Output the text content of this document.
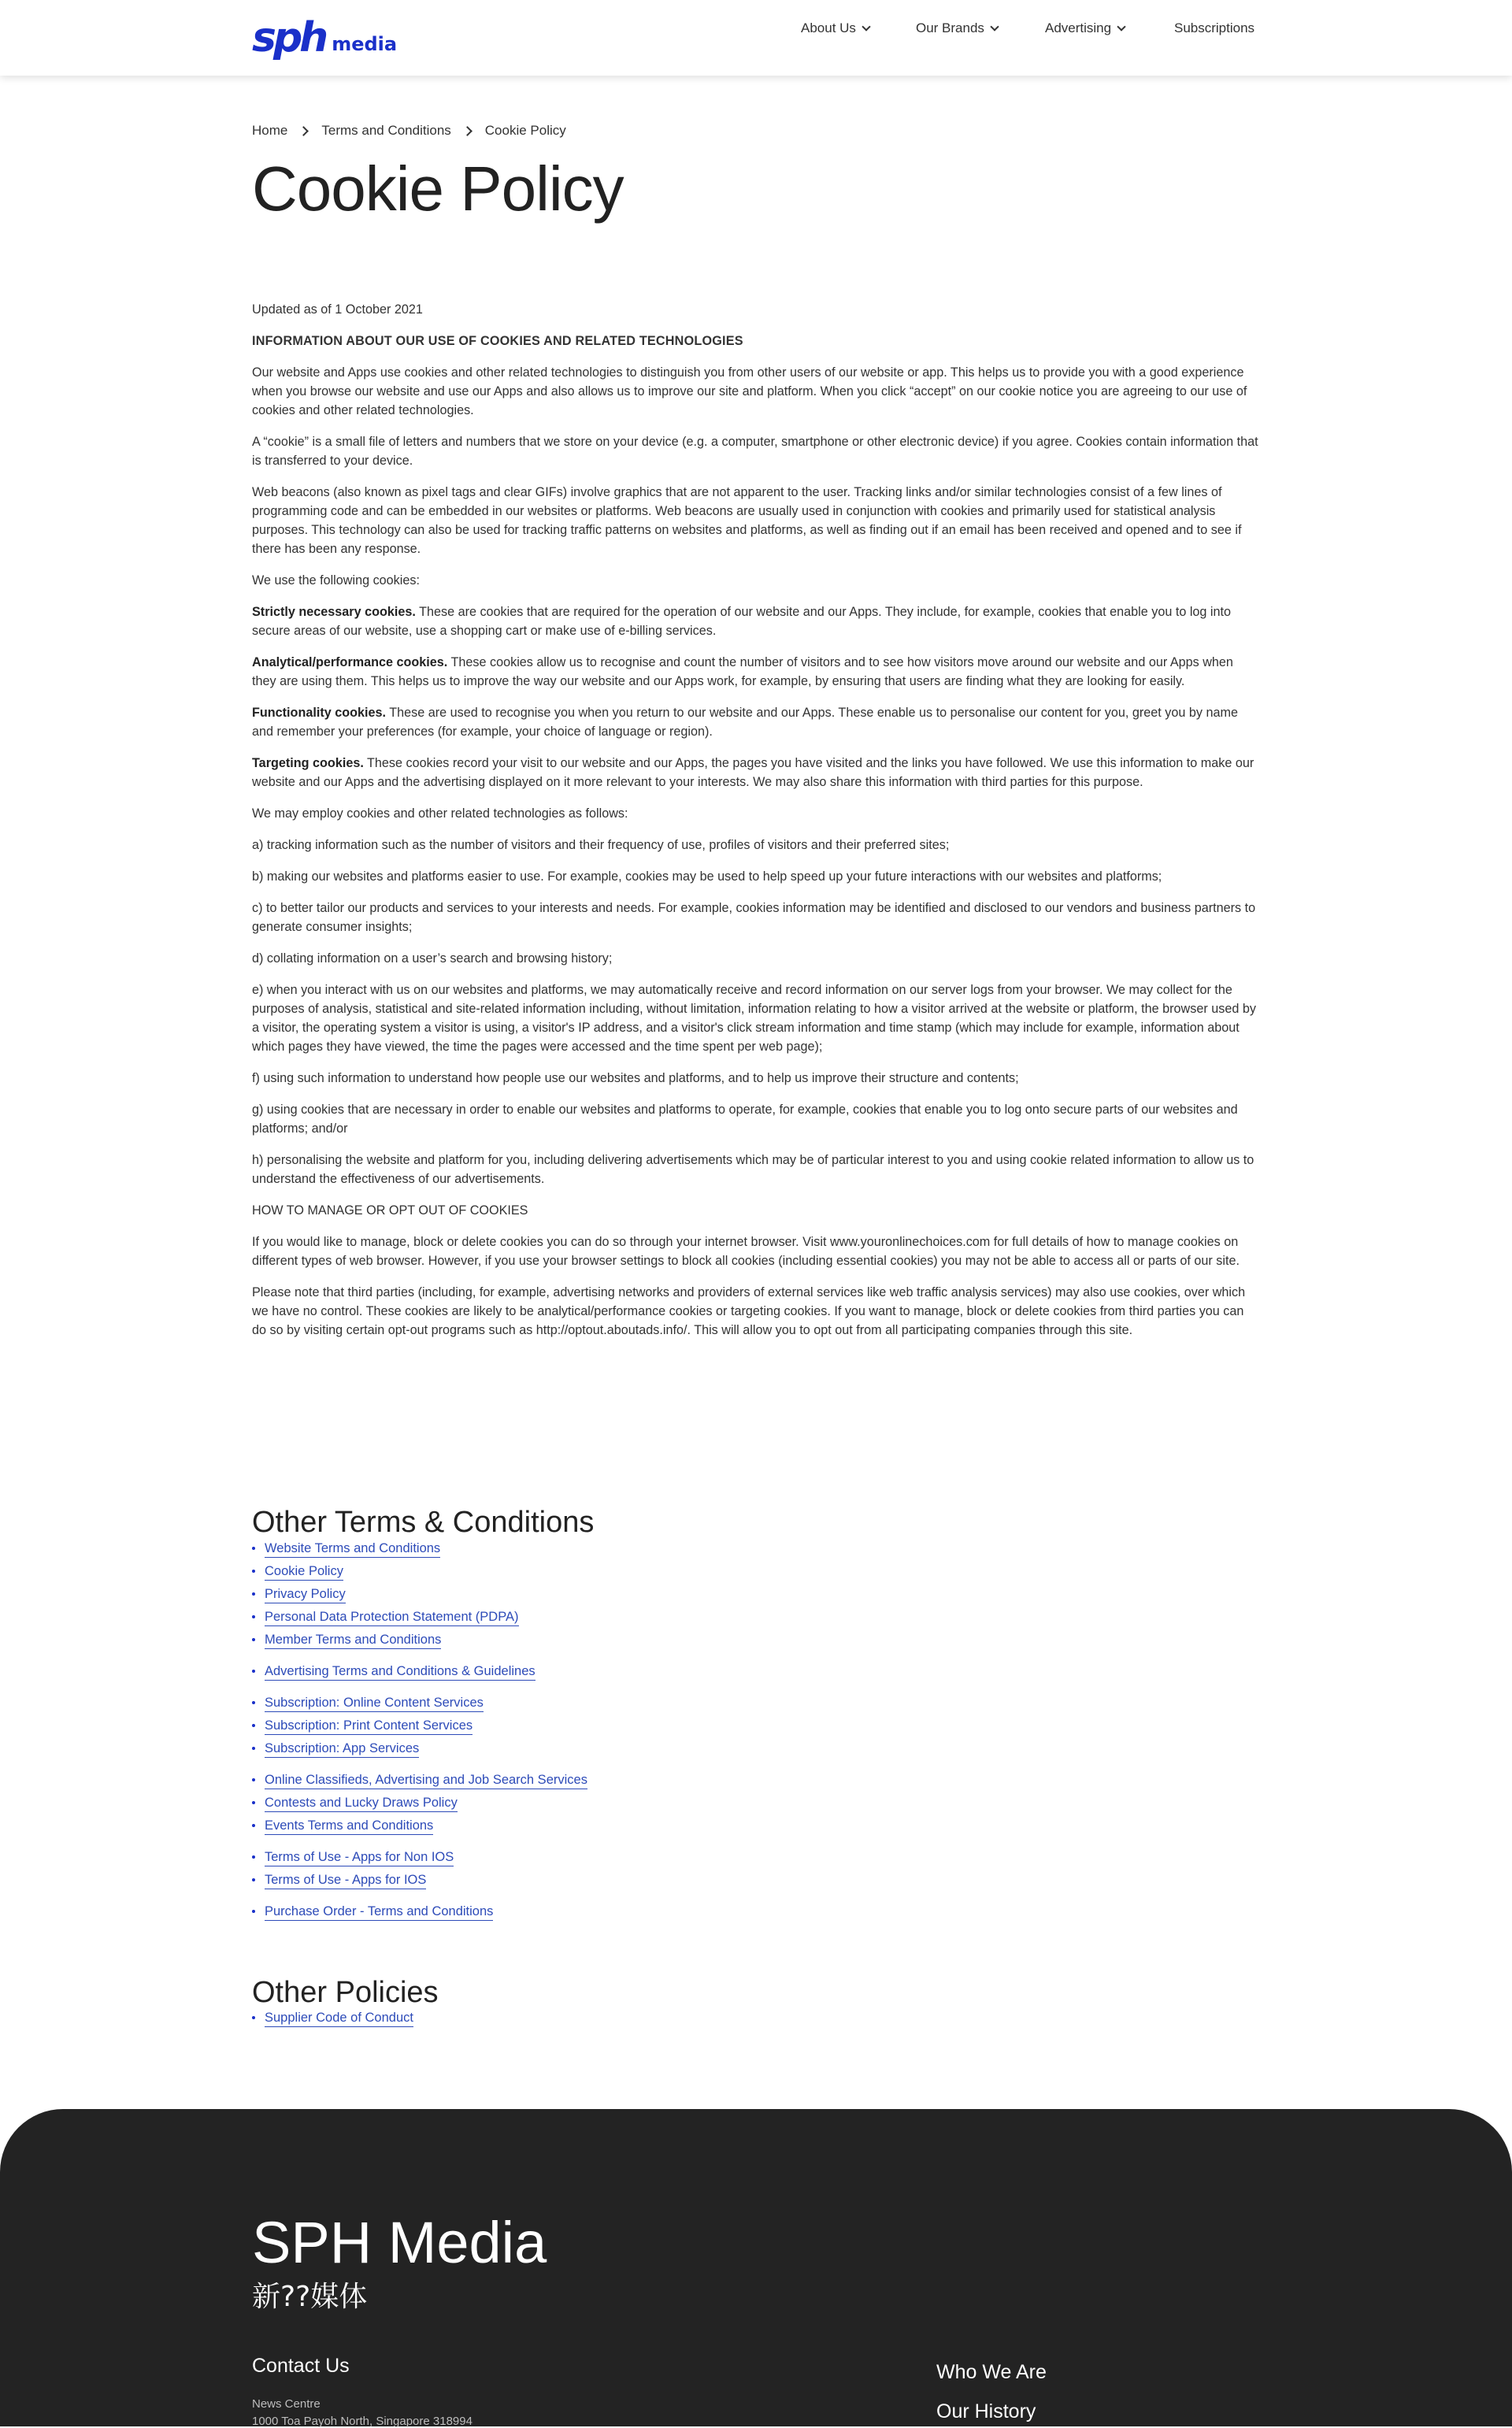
sph media
About Us	Our Brands	Advertising	Subscriptions
Home	Terms and Conditions	Cookie Policy
Cookie Policy

Updated as of 1 October 2021

INFORMATION ABOUT OUR USE OF COOKIES AND RELATED TECHNOLOGIES

Our website and Apps use cookies and other related technologies to distinguish you from other users of our website or app. This helps us to provide you with a good experience when you browse our website and use our Apps and also allows us to improve our site and platform. When you click “accept” on our cookie notice you are agreeing to our use of cookies and other related technologies.

A “cookie” is a small file of letters and numbers that we store on your device (e.g. a computer, smartphone or other electronic device) if you agree. Cookies contain information that is transferred to your device.

Web beacons (also known as pixel tags and clear GIFs) involve graphics that are not apparent to the user. Tracking links and/or similar technologies consist of a few lines of programming code and can be embedded in our websites or platforms. Web beacons are usually used in conjunction with cookies and primarily used for statistical analysis purposes. This technology can also be used for tracking traffic patterns on websites and platforms, as well as finding out if an email has been received and opened and to see if there has been any response.

We use the following cookies:

Strictly necessary cookies. These are cookies that are required for the operation of our website and our Apps. They include, for example, cookies that enable you to log into secure areas of our website, use a shopping cart or make use of e-billing services.

Analytical/performance cookies. These cookies allow us to recognise and count the number of visitors and to see how visitors move around our website and our Apps when they are using them. This helps us to improve the way our website and our Apps work, for example, by ensuring that users are finding what they are looking for easily.

Functionality cookies. These are used to recognise you when you return to our website and our Apps. These enable us to personalise our content for you, greet you by name and remember your preferences (for example, your choice of language or region).

Targeting cookies. These cookies record your visit to our website and our Apps, the pages you have visited and the links you have followed. We use this information to make our website and our Apps and the advertising displayed on it more relevant to your interests. We may also share this information with third parties for this purpose.

We may employ cookies and other related technologies as follows:

a) tracking information such as the number of visitors and their frequency of use, profiles of visitors and their preferred sites;

b) making our websites and platforms easier to use. For example, cookies may be used to help speed up your future interactions with our websites and platforms;

c) to better tailor our products and services to your interests and needs. For example, cookies information may be identified and disclosed to our vendors and business partners to generate consumer insights;

d) collating information on a user’s search and browsing history;

e) when you interact with us on our websites and platforms, we may automatically receive and record information on our server logs from your browser. We may collect for the purposes of analysis, statistical and site-related information including, without limitation, information relating to how a visitor arrived at the website or platform, the browser used by a visitor, the operating system a visitor is using, a visitor's IP address, and a visitor's click stream information and time stamp (which may include for example, information about which pages they have viewed, the time the pages were accessed and the time spent per web page);

f) using such information to understand how people use our websites and platforms, and to help us improve their structure and contents;

g) using cookies that are necessary in order to enable our websites and platforms to operate, for example, cookies that enable you to log onto secure parts of our websites and platforms; and/or

h) personalising the website and platform for you, including delivering advertisements which may be of particular interest to you and using cookie related information to allow us to understand the effectiveness of our advertisements.

HOW TO MANAGE OR OPT OUT OF COOKIES

If you would like to manage, block or delete cookies you can do so through your internet browser. Visit www.youronlinechoices.com for full details of how to manage cookies on different types of web browser. However, if you use your browser settings to block all cookies (including essential cookies) you may not be able to access all or parts of our site.

Please note that third parties (including, for example, advertising networks and providers of external services like web traffic analysis services) may also use cookies, over which we have no control. These cookies are likely to be analytical/performance cookies or targeting cookies. If you want to manage, block or delete cookies from third parties you can do so by visiting certain opt-out programs such as http://optout.aboutads.info/. This will allow you to opt out from all participating companies through this site.

Other Terms & Conditions
Website Terms and Conditions
Cookie Policy
Privacy Policy
Personal Data Protection Statement (PDPA)
Member Terms and Conditions
Advertising Terms and Conditions & Guidelines
Subscription: Online Content Services
Subscription: Print Content Services
Subscription: App Services
Online Classifieds, Advertising and Job Search Services
Contests and Lucky Draws Policy
Events Terms and Conditions
Terms of Use - Apps for Non IOS
Terms of Use - Apps for IOS
Purchase Order - Terms and Conditions
Other Policies
Supplier Code of Conduct
SPH Media
新??媒体
Contact Us
News Centre
1000 Toa Payoh North, Singapore 318994
Who We Are
Our History
